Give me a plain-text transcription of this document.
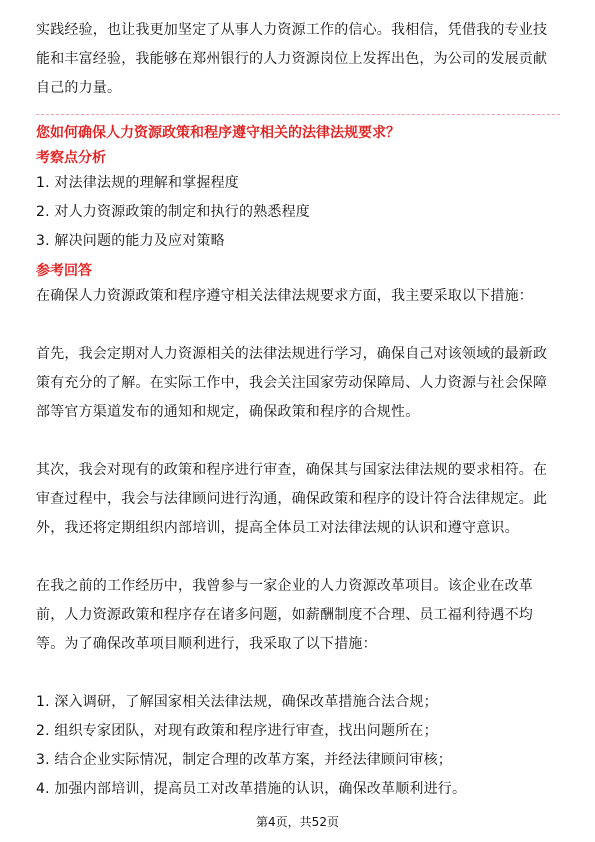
实践经验，也让我更加坚定了从事人力资源工作的信心。我相信，凭借我的专业技

能和丰富经验，我能够在郑州银行的人力资源岗位上发挥出色，为公司的发展贡献

自己的力量。

您如何确保人力资源政策和程序遵守相关的法律法规要求？
考察点分析

1. 对法律法规的理解和掌握程度

2. 对人力资源政策的制定和执行的熟悉程度

3. 解决问题的能力及应对策略

参考回答

在确保人力资源政策和程序遵守相关法律法规要求方面，我主要采取以下措施：

首先，我会定期对人力资源相关的法律法规进行学习，确保自己对该领域的最新政

策有充分的了解。在实际工作中，我会关注国家劳动保障局、人力资源与社会保障

部等官方渠道发布的通知和规定，确保政策和程序的合规性。

其次，我会对现有的政策和程序进行审查，确保其与国家法律法规的要求相符。在

审查过程中，我会与法律顾问进行沟通，确保政策和程序的设计符合法律规定。此

外，我还将定期组织内部培训，提高全体员工对法律法规的认识和遵守意识。

在我之前的工作经历中，我曾参与一家企业的人力资源改革项目。该企业在改革

前，人力资源政策和程序存在诸多问题，如薪酬制度不合理、员工福利待遇不均

等。为了确保改革项目顺利进行，我采取了以下措施：

1. 深入调研，了解国家相关法律法规，确保改革措施合法合规；

2. 组织专家团队，对现有政策和程序进行审查，找出问题所在；

3. 结合企业实际情况，制定合理的改革方案，并经法律顾问审核；

4. 加强内部培训，提高员工对改革措施的认识，确保改革顺利进行。

第4页，共52页
